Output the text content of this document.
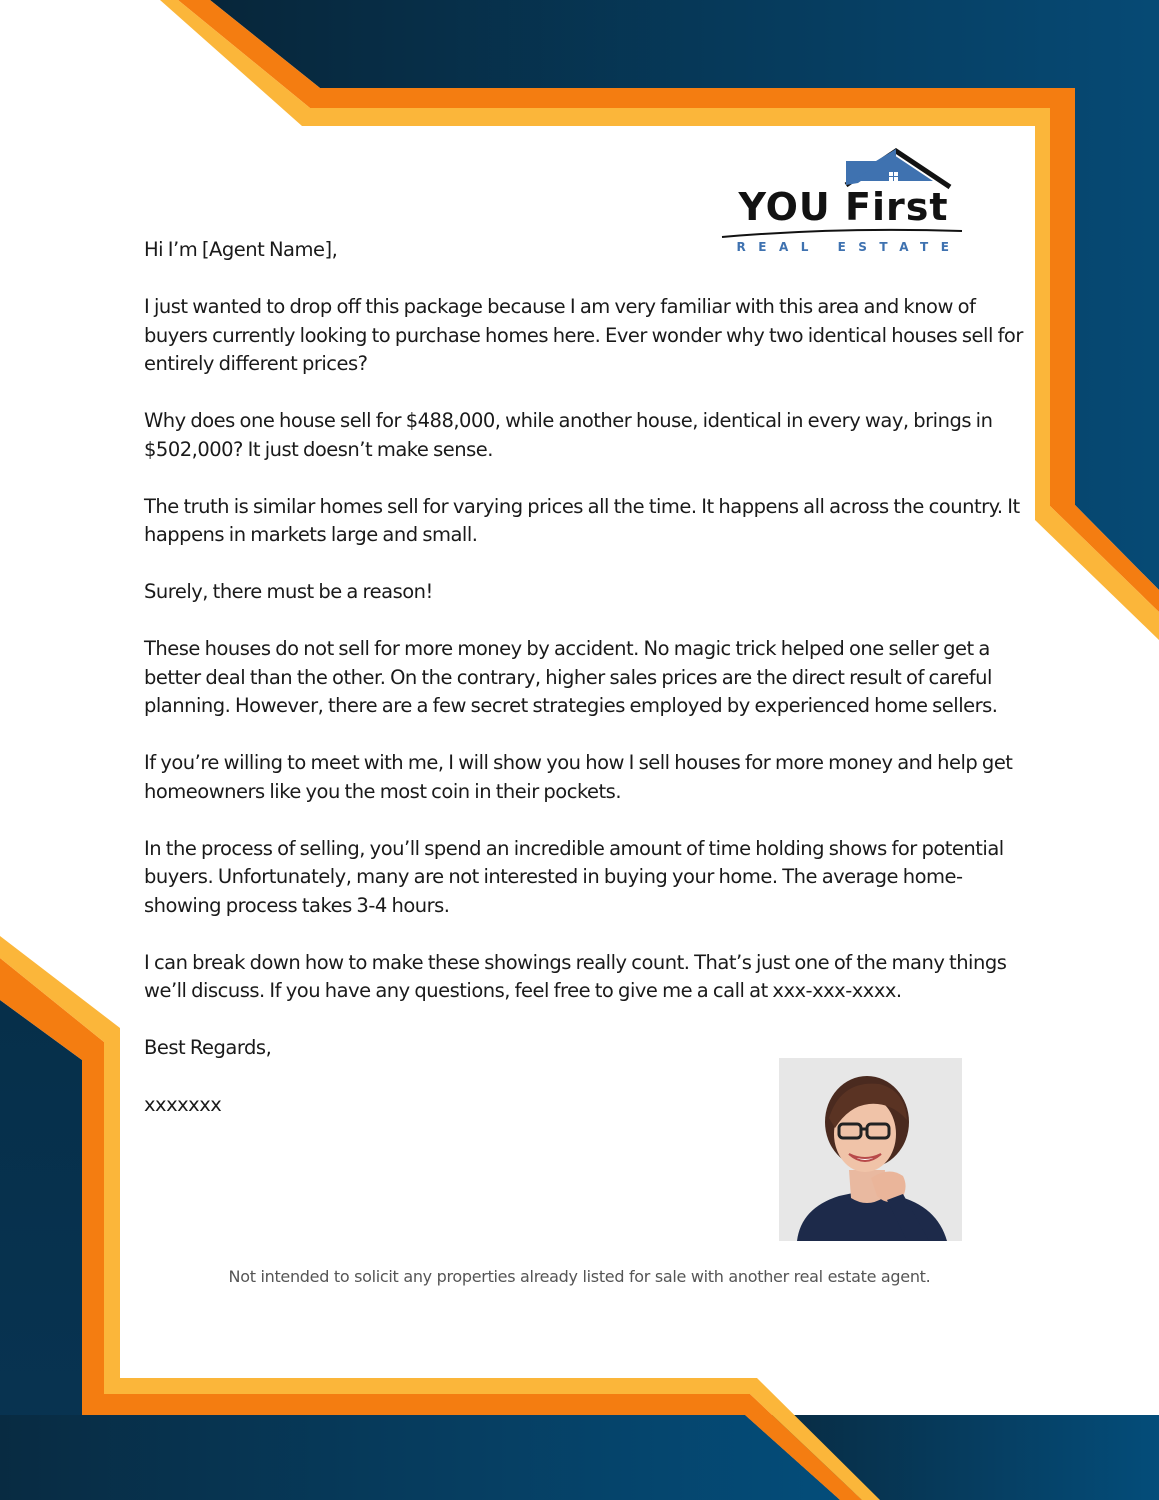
YOU First
REAL ESTATE

Hi I’m [Agent Name],

I just wanted to drop off this package because I am very familiar with this area and know of buyers currently looking to purchase homes here. Ever wonder why two identical houses sell for entirely different prices?

Why does one house sell for $488,000, while another house, identical in every way, brings in $502,000? It just doesn’t make sense.

The truth is similar homes sell for varying prices all the time. It happens all across the country. It happens in markets large and small.

Surely, there must be a reason!

These houses do not sell for more money by accident. No magic trick helped one seller get a better deal than the other. On the contrary, higher sales prices are the direct result of careful planning. However, there are a few secret strategies employed by experienced home sellers.

If you’re willing to meet with me, I will show you how I sell houses for more money and help get homeowners like you the most coin in their pockets.

In the process of selling, you’ll spend an incredible amount of time holding shows for potential buyers. Unfortunately, many are not interested in buying your home. The average home-showing process takes 3-4 hours.

I can break down how to make these showings really count. That’s just one of the many things we’ll discuss. If you have any questions, feel free to give me a call at xxx-xxx-xxxx.

Best Regards,

xxxxxxx

Not intended to solicit any properties already listed for sale with another real estate agent.
